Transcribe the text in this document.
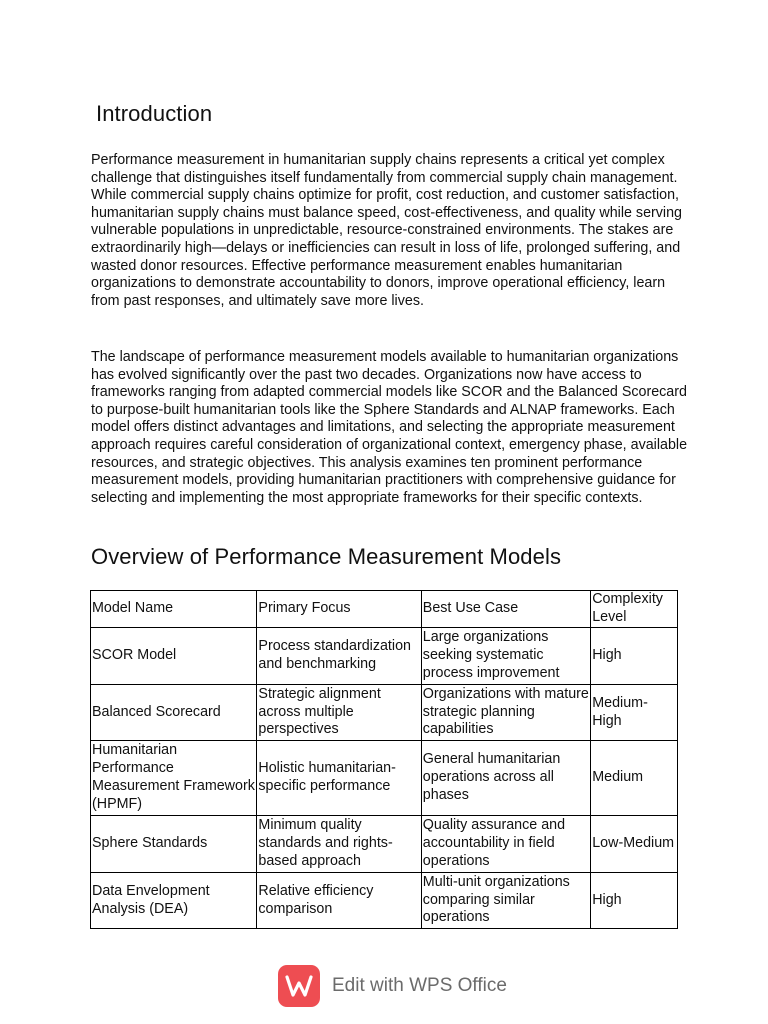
Introduction

Performance measurement in humanitarian supply chains represents a critical yet complex challenge that distinguishes itself fundamentally from commercial supply chain management. While commercial supply chains optimize for profit, cost reduction, and customer satisfaction, humanitarian supply chains must balance speed, cost-effectiveness, and quality while serving vulnerable populations in unpredictable, resource-constrained environments. The stakes are extraordinarily high—delays or inefficiencies can result in loss of life, prolonged suffering, and wasted donor resources. Effective performance measurement enables humanitarian organizations to demonstrate accountability to donors, improve operational efficiency, learn from past responses, and ultimately save more lives.

The landscape of performance measurement models available to humanitarian organizations has evolved significantly over the past two decades. Organizations now have access to frameworks ranging from adapted commercial models like SCOR and the Balanced Scorecard to purpose-built humanitarian tools like the Sphere Standards and ALNAP frameworks. Each model offers distinct advantages and limitations, and selecting the appropriate measurement approach requires careful consideration of organizational context, emergency phase, available resources, and strategic objectives. This analysis examines ten prominent performance measurement models, providing humanitarian practitioners with comprehensive guidance for selecting and implementing the most appropriate frameworks for their specific contexts.

Overview of Performance Measurement Models
Model Name	Primary Focus	Best Use Case	Complexity Level
SCOR Model	Process standardization and benchmarking	Large organizations seeking systematic process improvement	High
Balanced Scorecard	Strategic alignment across multiple perspectives	Organizations with mature strategic planning capabilities	Medium-High
Humanitarian Performance Measurement Framework (HPMF)	Holistic humanitarian-specific performance	General humanitarian operations across all phases	Medium
Sphere Standards	Minimum quality standards and rights-based approach	Quality assurance and accountability in field operations	Low-Medium
Data Envelopment Analysis (DEA)	Relative efficiency comparison	Multi-unit organizations comparing similar operations	High
Edit with WPS Office
